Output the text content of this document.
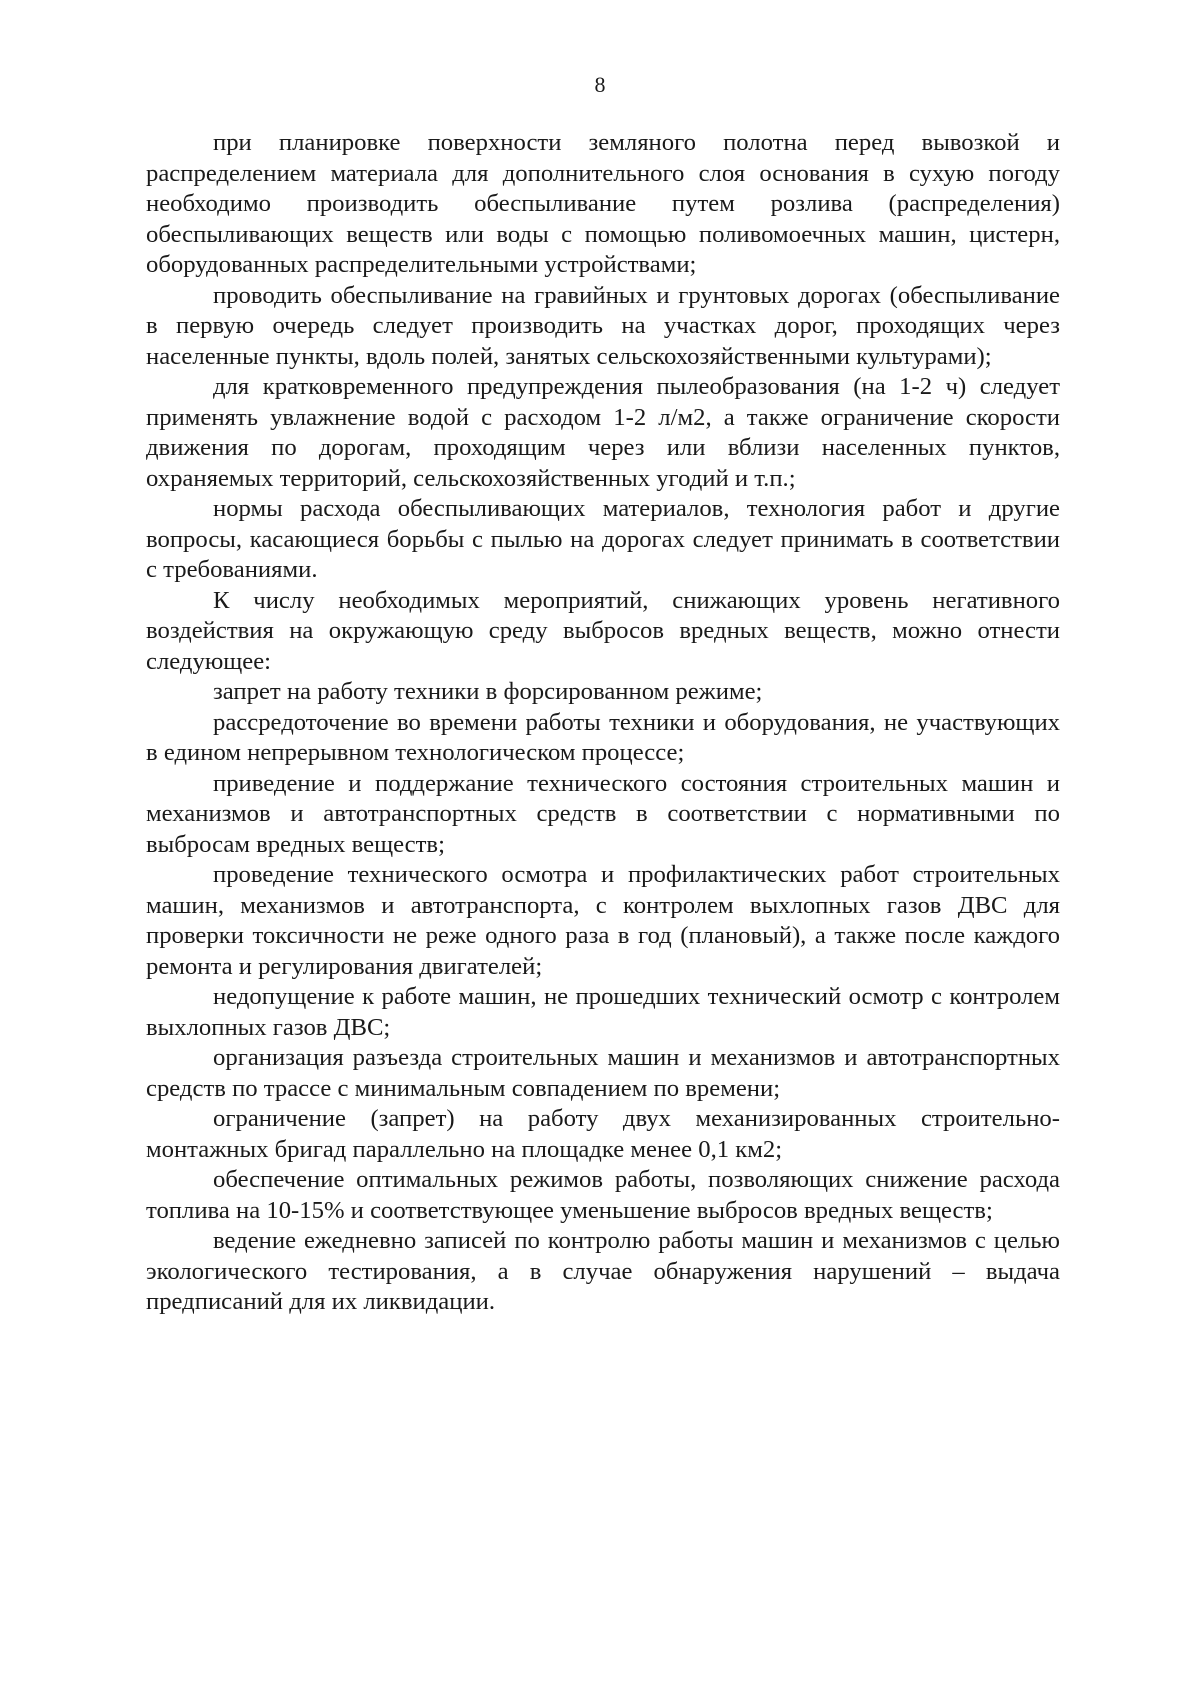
8

при планировке поверхности земляного полотна перед вывозкой и распределением материала для дополнительного слоя основания в сухую погоду необходимо производить обеспыливание путем розлива (распределения) обеспыливающих веществ или воды с помощью поливомоечных машин, цистерн, оборудованных распределительными устройствами;

проводить обеспыливание на гравийных и грунтовых дорогах (обеспыливание в первую очередь следует производить на участках дорог, проходящих через населенные пункты, вдоль полей, занятых сельскохозяйственными культурами);

для кратковременного предупреждения пылеобразования (на 1-2 ч) следует применять увлажнение водой с расходом 1-2 л/м2, а также ограничение скорости движения по дорогам, проходящим через или вблизи населенных пунктов, охраняемых территорий, сельскохозяйственных угодий и т.п.;

нормы расхода обеспыливающих материалов, технология работ и другие вопросы, касающиеся борьбы с пылью на дорогах следует принимать в соответствии с требованиями.

К числу необходимых мероприятий, снижающих уровень негативного воздействия на окружающую среду выбросов вредных веществ, можно отнести следующее:

запрет на работу техники в форсированном режиме;

рассредоточение во времени работы техники и оборудования, не участвующих в едином непрерывном технологическом процессе;

приведение и поддержание технического состояния строительных машин и механизмов и автотранспортных средств в соответствии с нормативными по выбросам вредных веществ;

проведение технического осмотра и профилактических работ строительных машин, механизмов и автотранспорта, с контролем выхлопных газов ДВС для проверки токсичности не реже одного раза в год (плановый), а также после каждого ремонта и регулирования двигателей;

недопущение к работе машин, не прошедших технический осмотр с контролем выхлопных газов ДВС;

организация разъезда строительных машин и механизмов и автотранспортных средств по трассе с минимальным совпадением по времени;

ограничение (запрет) на работу двух механизированных строительно-монтажных бригад параллельно на площадке менее 0,1 км2;

обеспечение оптимальных режимов работы, позволяющих снижение расхода топлива на 10-15% и соответствующее уменьшение выбросов вредных веществ;

ведение ежедневно записей по контролю работы машин и механизмов с целью экологического тестирования, а в случае обнаружения нарушений – выдача предписаний для их ликвидации.
